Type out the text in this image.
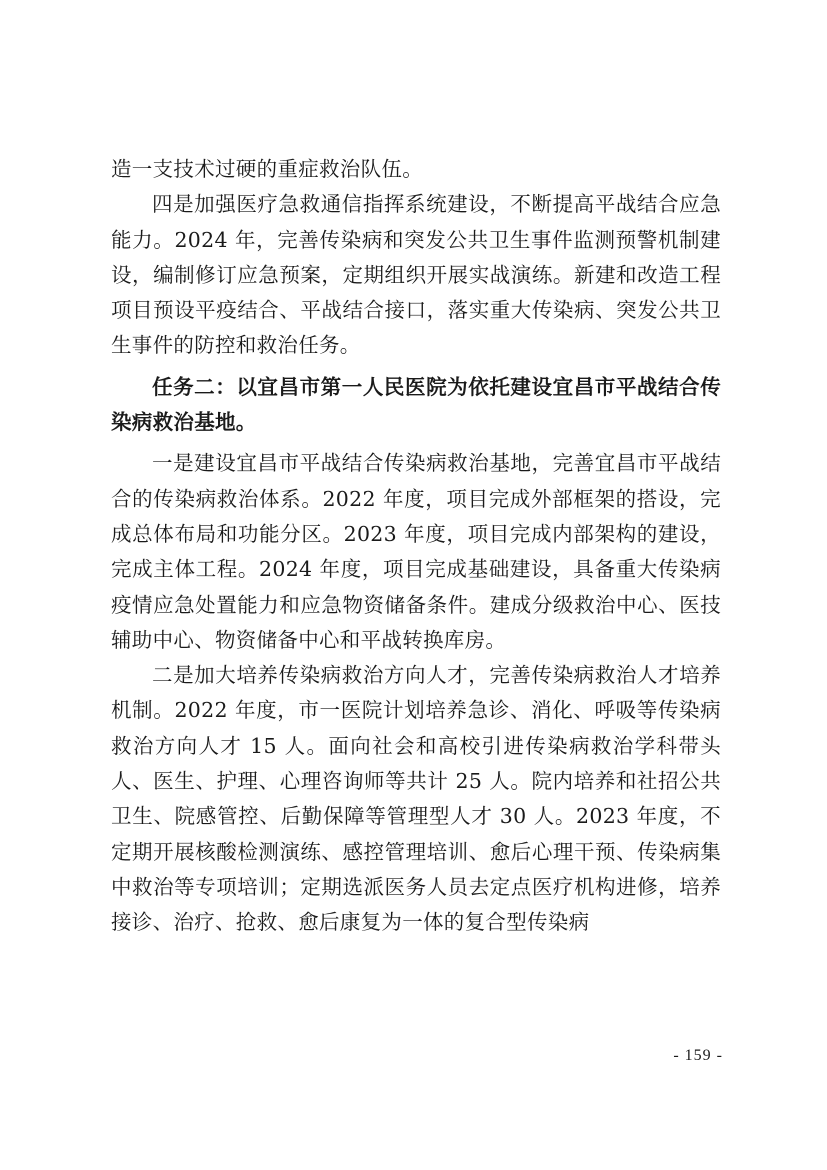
造一支技术过硬的重症救治队伍。

四是加强医疗急救通信指挥系统建设，不断提高平战结合应急能力。2024 年，完善传染病和突发公共卫生事件监测预警机制建设，编制修订应急预案，定期组织开展实战演练。新建和改造工程项目预设平疫结合、平战结合接口，落实重大传染病、突发公共卫生事件的防控和救治任务。

任务二：以宜昌市第一人民医院为依托建设宜昌市平战结合传染病救治基地。

一是建设宜昌市平战结合传染病救治基地，完善宜昌市平战结合的传染病救治体系。2022 年度，项目完成外部框架的搭设，完成总体布局和功能分区。2023 年度，项目完成内部架构的建设，完成主体工程。2024 年度，项目完成基础建设，具备重大传染病疫情应急处置能力和应急物资储备条件。建成分级救治中心、医技辅助中心、物资储备中心和平战转换库房。

二是加大培养传染病救治方向人才，完善传染病救治人才培养机制。2022 年度，市一医院计划培养急诊、消化、呼吸等传染病救治方向人才 15 人。面向社会和高校引进传染病救治学科带头人、医生、护理、心理咨询师等共计 25 人。院内培养和社招公共卫生、院感管控、后勤保障等管理型人才 30 人。2023 年度，不定期开展核酸检测演练、感控管理培训、愈后心理干预、传染病集中救治等专项培训；定期选派医务人员去定点医疗机构进修，培养接诊、治疗、抢救、愈后康复为一体的复合型传染病

- 159 -
